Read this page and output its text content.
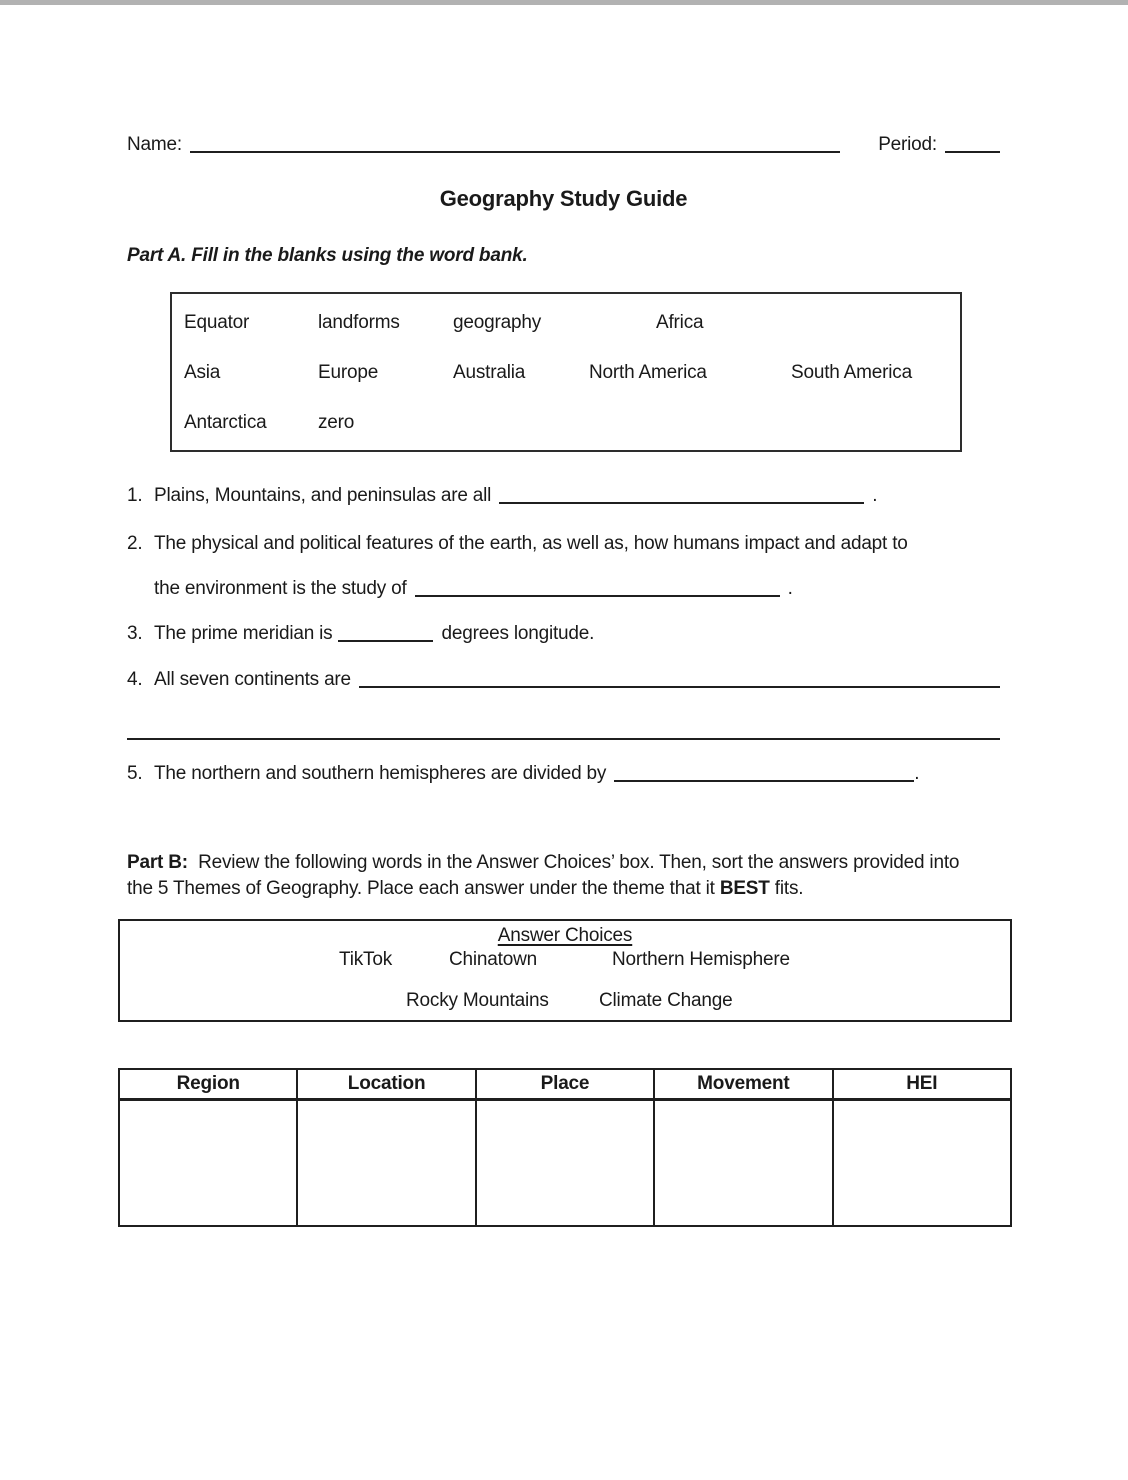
Name:	Period:
Geography Study Guide
Part A. Fill in the blanks using the word bank.
Equator	landforms	geography	Africa
Asia	Europe	Australia	North America	South America
Antarctica	zero
1. Plains, Mountains, and peninsulas are all	.
2. The physical and political features of the earth, as well as, how humans impact and adapt to
the environment is the study of	.
3. The prime meridian is	degrees longitude.
4. All seven continents are
5. The northern and southern hemispheres are divided by	.
Part B: Review the following words in the Answer Choices’ box. Then, sort the answers provided into
the 5 Themes of Geography. Place each answer under the theme that it BEST fits.
Answer Choices
TikTok	Chinatown	Northern Hemisphere
Rocky Mountains	Climate Change
Region	Location	Place	Movement	HEI
